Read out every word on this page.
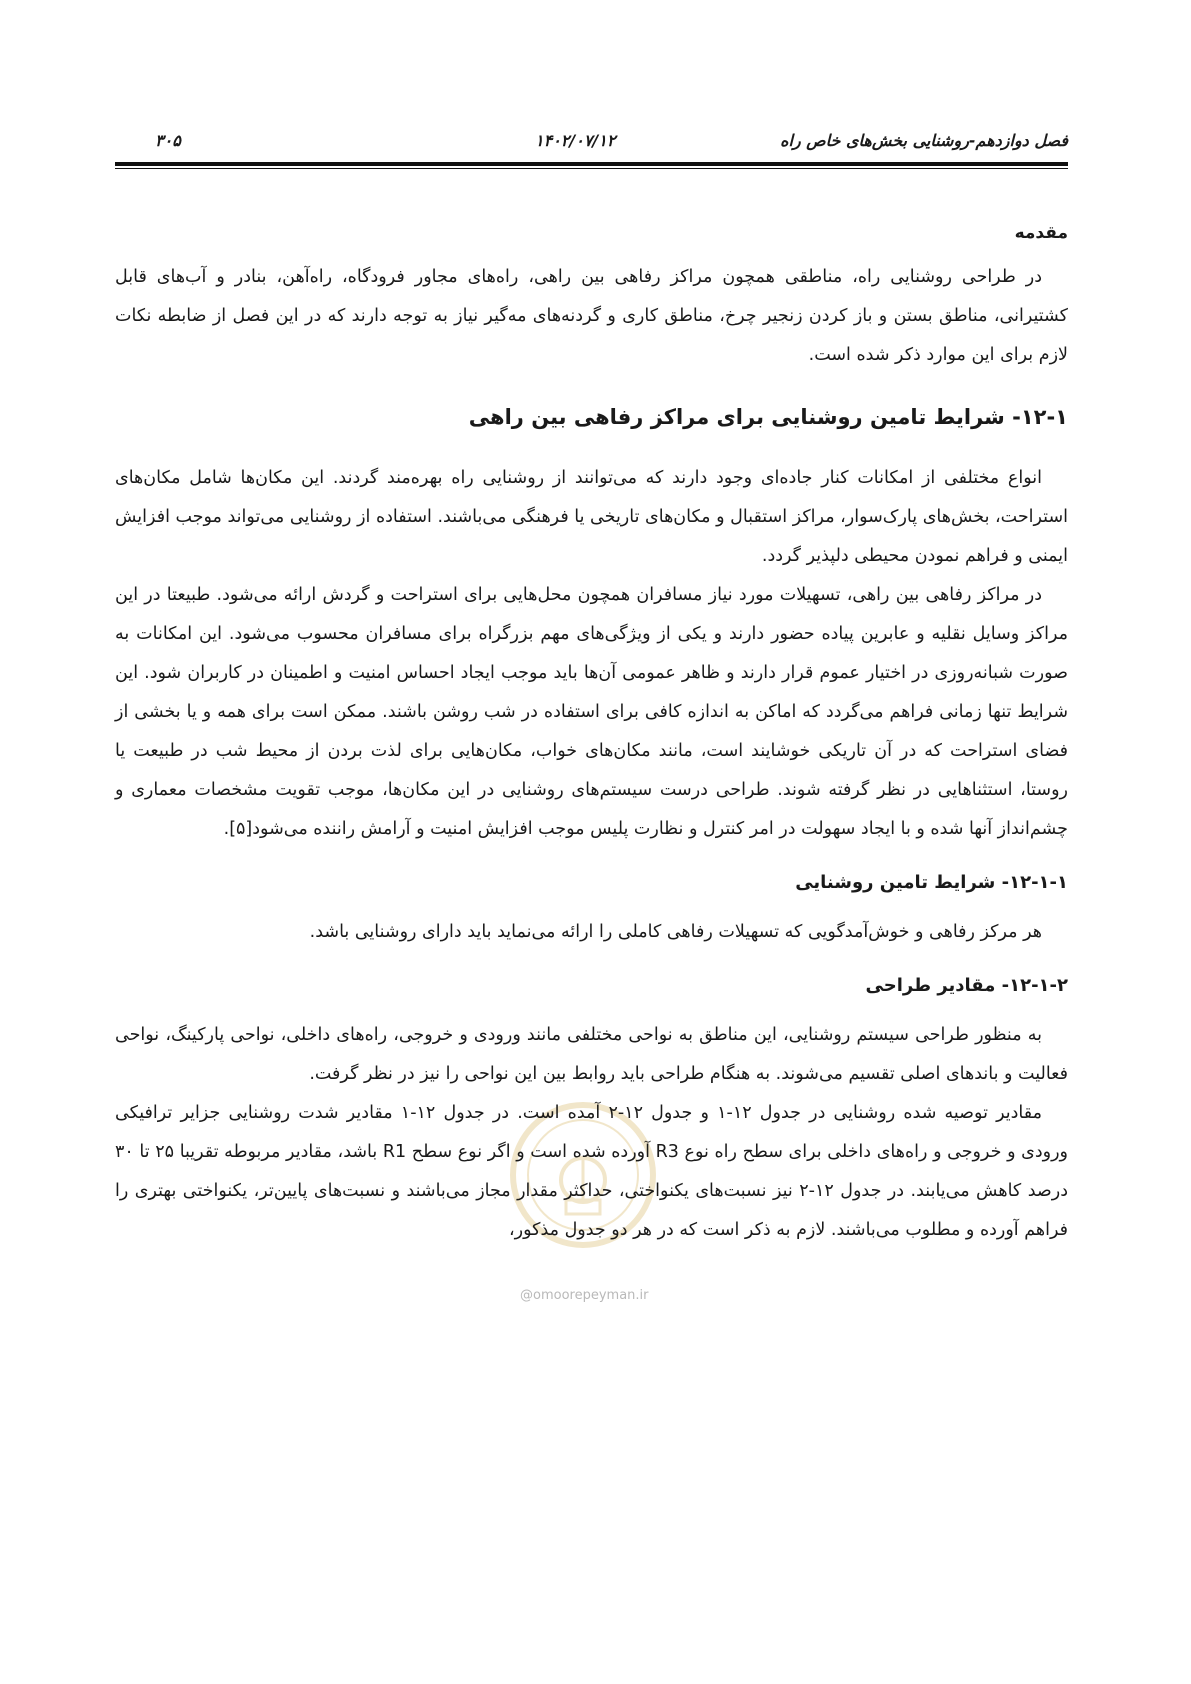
فصل دوازدهم-روشنایی بخش‌های خاص راه
۱۴۰۲/۰۷/۱۲
۳۰۵
@omoorepeyman.ir
مقدمه

در طراحی روشنایی راه، مناطقی همچون مراکز رفاهی بین راهی، راه‌های مجاور فرودگاه، راه‌آهن، بنادر و آب‌های قابل کشتیرانی، مناطق بستن و باز کردن زنجیر چرخ، مناطق کاری و گردنه‌های مه‌گیر نیاز به توجه دارند که در این فصل از ضابطه نکات لازم برای این موارد ذکر شده است.

۱۲-۱- شرایط تامین روشنایی برای مراکز رفاهی بین راهی

انواع مختلفی از امکانات کنار جاده‌ای وجود دارند که می‌توانند از روشنایی راه بهره‌مند گردند. این مکان‌ها شامل مکان‌های استراحت، بخش‌های پارک‌سوار، مراکز استقبال و مکان‌های تاریخی یا فرهنگی می‌باشند. استفاده از روشنایی می‌تواند موجب افزایش ایمنی و فراهم نمودن محیطی دلپذیر گردد.

در مراکز رفاهی بین راهی، تسهیلات مورد نیاز مسافران همچون محل‌هایی برای استراحت و گردش ارائه می‌شود. طبیعتا در این مراکز وسایل نقلیه و عابرین پیاده حضور دارند و یکی از ویژگی‌های مهم بزرگراه برای مسافران محسوب می‌شود. این امکانات به صورت شبانه‌روزی در اختیار عموم قرار دارند و ظاهر عمومی آن‌ها باید موجب ایجاد احساس امنیت و اطمینان در کاربران شود. این شرایط تنها زمانی فراهم می‌گردد که اماکن به اندازه کافی برای استفاده در شب روشن باشند. ممکن است برای همه و یا بخشی از فضای استراحت که در آن تاریکی خوشایند است، مانند مکان‌های خواب، مکان‌هایی برای لذت بردن از محیط شب در طبیعت یا روستا، استثناهایی در نظر گرفته شوند. طراحی درست سیستم‌های روشنایی در این مکان‌ها، موجب تقویت مشخصات معماری و چشم‌انداز آنها شده و با ایجاد سهولت در امر کنترل و نظارت پلیس موجب افزایش امنیت و آرامش راننده می‌شود[۵].

۱۲-۱-۱- شرایط تامین روشنایی

هر مرکز رفاهی و خوش‌آمدگویی که تسهیلات رفاهی کاملی را ارائه می‌نماید باید دارای روشنایی باشد.

۱۲-۱-۲- مقادیر طراحی

به منظور طراحی سیستم روشنایی، این مناطق به نواحی مختلفی مانند ورودی و خروجی، راه‌های داخلی، نواحی پارکینگ، نواحی فعالیت و باندهای اصلی تقسیم می‌شوند. به هنگام طراحی باید روابط بین این نواحی را نیز در نظر گرفت.

مقادیر توصیه شده روشنایی در جدول ۱۲-۱ و جدول ۱۲-۲ آمده است. در جدول ۱۲-۱ مقادیر شدت روشنایی جزایر ترافیکی ورودی و خروجی و راه‌های داخلی برای سطح راه نوع R3 آورده شده است و اگر نوع سطح R1 باشد، مقادیر مربوطه تقریبا ۲۵ تا ۳۰ درصد کاهش می‌یابند. در جدول ۱۲-۲ نیز نسبت‌های یکنواختی، حداکثر مقدار مجاز می‌باشند و نسبت‌های پایین‌تر، یکنواختی بهتری را فراهم آورده و مطلوب می‌باشند. لازم به ذکر است که در هر دو جدول مذکور،
